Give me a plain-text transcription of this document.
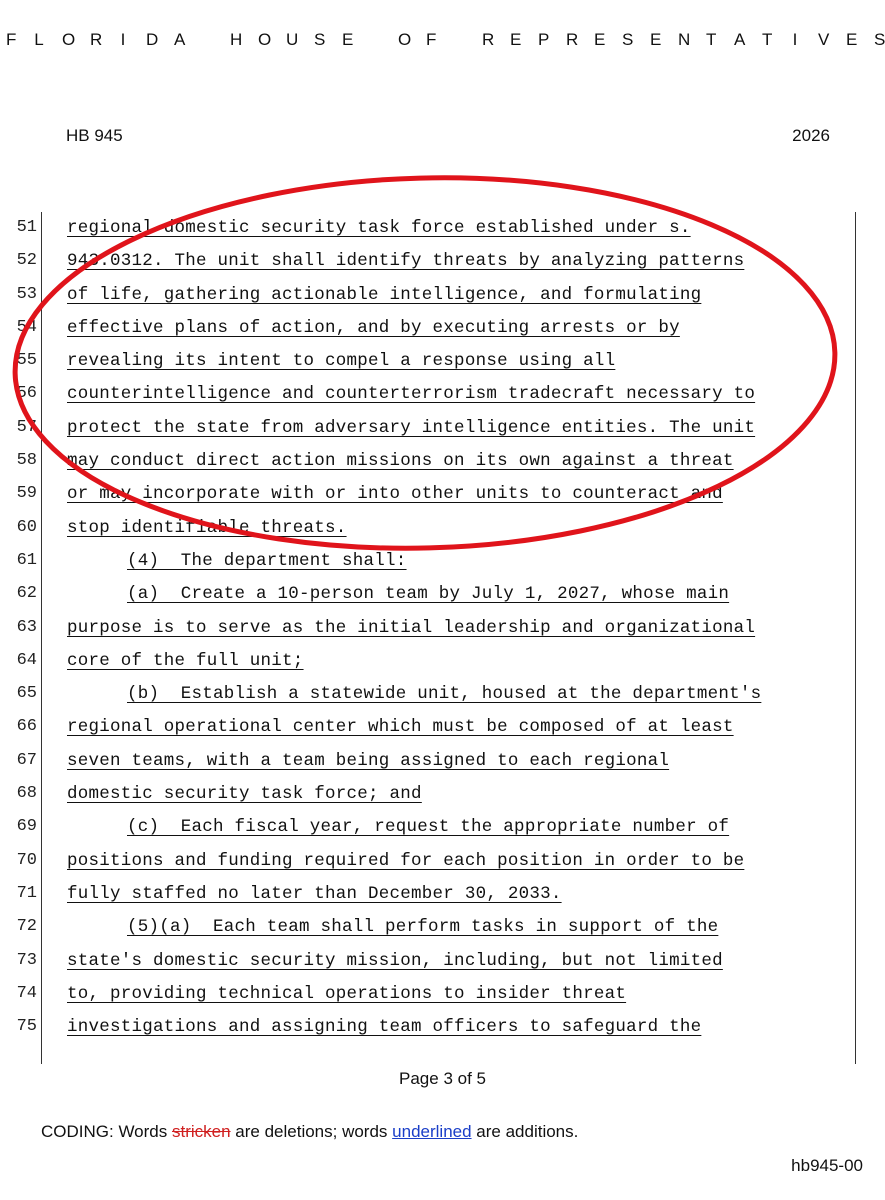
F L O R I D A
	H O U S E
	O F
	R E P R E S E N T A T I V E S
HB 945	2026
51 regional domestic security task force established under s.
52 943.0312. The unit shall identify threats by analyzing patterns
53 of life, gathering actionable intelligence, and formulating
54 effective plans of action, and by executing arrests or by
55 revealing its intent to compel a response using all
56 counterintelligence and counterterrorism tradecraft necessary to
57 protect the state from adversary intelligence entities. The unit
58 may conduct direct action missions on its own against a threat
59 or may incorporate with or into other units to counteract and
60 stop identifiable threats.
61	(4)  The department shall:
62	(a)  Create a 10-person team by July 1, 2027, whose main
63 purpose is to serve as the initial leadership and organizational
64 core of the full unit;
65	(b)  Establish a statewide unit, housed at the department's
66 regional operational center which must be composed of at least
67 seven teams, with a team being assigned to each regional
68 domestic security task force; and
69	(c)  Each fiscal year, request the appropriate number of
70 positions and funding required for each position in order to be
71 fully staffed no later than December 30, 2033.
72	(5)(a)  Each team shall perform tasks in support of the
73 state's domestic security mission, including, but not limited
74 to, providing technical operations to insider threat
75 investigations and assigning team officers to safeguard the
Page 3 of 5
CODING: Words stricken are deletions; words underlined are additions.
hb945-00
